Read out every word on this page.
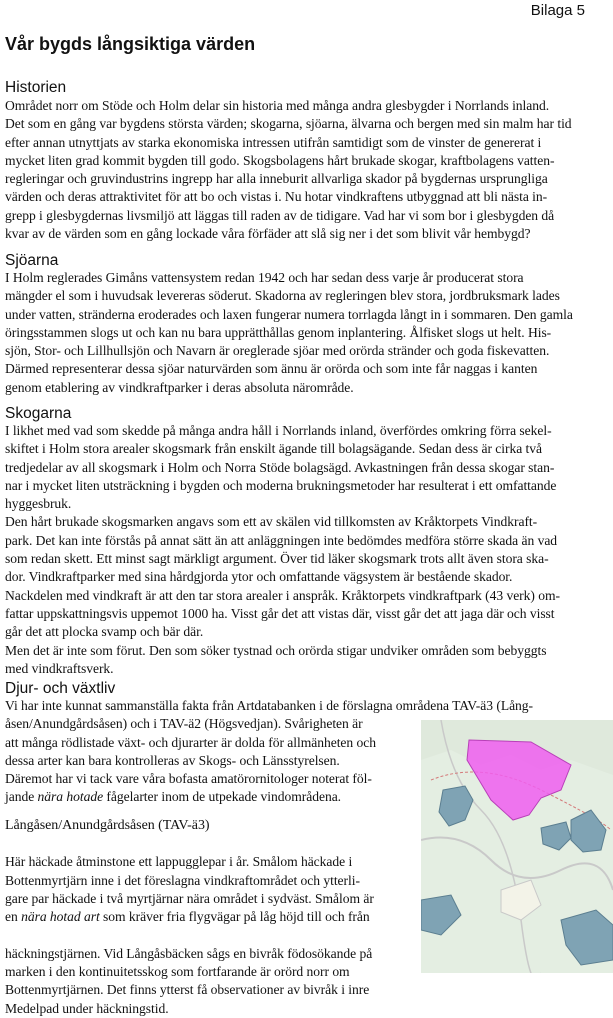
Bilaga 5
Vår bygds långsiktiga värden
Historien

Området norr om Stöde och Holm delar sin historia med många andra glesbygder i Norrlands inland.
Det som en gång var bygdens största värden; skogarna, sjöarna, älvarna och bergen med sin malm har tid
efter annan utnyttjats av starka ekonomiska intressen utifrån samtidigt som de vinster de genererat i
mycket liten grad kommit bygden till godo. Skogsbolagens hårt brukade skogar, kraftbolagens vatten-
regleringar och gruvindustrins ingrepp har alla inneburit allvarliga skador på bygdernas ursprungliga
värden och deras attraktivitet för att bo och vistas i. Nu hotar vindkraftens utbyggnad att bli nästa in-
grepp i glesbygdernas livsmiljö att läggas till raden av de tidigare. Vad har vi som bor i glesbygden då
kvar av de värden som en gång lockade våra förfäder att slå sig ner i det som blivit vår hembygd?

Sjöarna

I Holm reglerades Gimåns vattensystem redan 1942 och har sedan dess varje år producerat stora
mängder el som i huvudsak levereras söderut. Skadorna av regleringen blev stora, jordbruksmark lades
under vatten, stränderna eroderades och laxen fungerar numera torrlagda långt in i sommaren. Den gamla
öringsstammen slogs ut och kan nu bara upprätthållas genom inplantering. Ålfisket slogs ut helt. His-
sjön, Stor- och Lillhullsjön och Navarn är oreglerade sjöar med orörda stränder och goda fiskevatten.
Därmed representerar dessa sjöar naturvärden som ännu är orörda och som inte får naggas i kanten
genom etablering av vindkraftparker i deras absoluta närområde.

Skogarna

I likhet med vad som skedde på många andra håll i Norrlands inland, överfördes omkring förra sekel-
skiftet i Holm stora arealer skogsmark från enskilt ägande till bolagsägande. Sedan dess är cirka två
tredjedelar av all skogsmark i Holm och Norra Stöde bolagsägd. Avkastningen från dessa skogar stan-
nar i mycket liten utsträckning i bygden och moderna brukningsmetoder har resulterat i ett omfattande
hyggesbruk.
Den hårt brukade skogsmarken angavs som ett av skälen vid tillkomsten av Kråktorpets Vindkraft-
park. Det kan inte förstås på annat sätt än att anläggningen inte bedömdes medföra större skada än vad
som redan skett. Ett minst sagt märkligt argument. Över tid läker skogsmark trots allt även stora ska-
dor. Vindkraftparker med sina hårdgjorda ytor och omfattande vägsystem är bestående skador.
Nackdelen med vindkraft är att den tar stora arealer i anspråk. Kråktorpets vindkraftpark (43 verk) om-
fattar uppskattningsvis uppemot 1000 ha. Visst går det att vistas där, visst går det att jaga där och visst
går det att plocka svamp och bär där.
Men det är inte som förut. Den som söker tystnad och orörda stigar undviker områden som bebyggts
med vindkraftsverk.

Djur- och växtliv
Vi har inte kunnat sammanställa fakta från Artdatabanken i de förslagna områdena TAV-ä3 (Lång-
åsen/Anundgårdsåsen) och i TAV-ä2 (Högsvedjan). Svårigheten är
att många rödlistade växt- och djurarter är dolda för allmänheten och
dessa arter kan bara kontrolleras av Skogs- och Länsstyrelsen.
Däremot har vi tack vare våra bofasta amatörornitologer noterat föl-
jande nära hotade fågelarter inom de utpekade vindområdena.
Långåsen/Anundgårdsåsen (TAV-ä3)

Här häckade åtminstone ett lappugglepar i år. Smålom häckade i
Bottenmyrtjärn inne i det föreslagna vindkraftområdet och ytterli-
gare par häckade i två myrtjärnar nära området i sydväst. Smålom är

en nära hotad art som kräver fria flygvägar på låg höjd till och från

häckningstjärnen. Vid Långåsbäcken sågs en bivråk födosökande på
marken i den kontinuitetsskog som fortfarande är orörd norr om
Bottenmyrtjärnen. Det finns ytterst få observationer av bivråk i inre
Medelpad under häckningstid.
